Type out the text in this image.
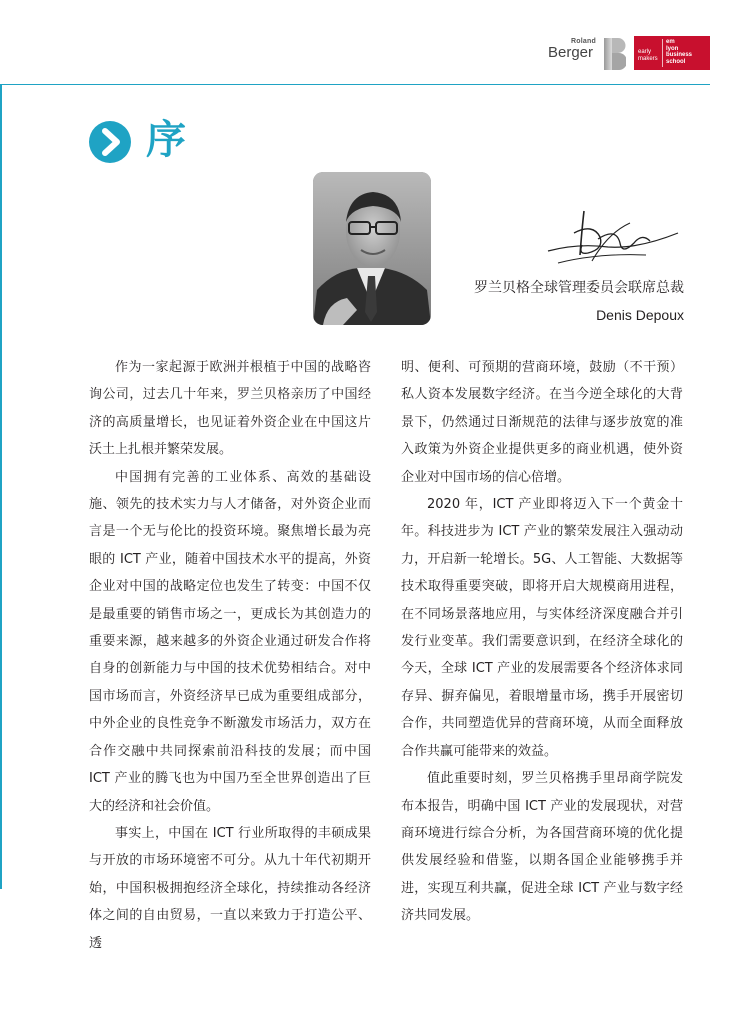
Roland
Berger	early
makers
em
lyon
business
school
序
罗兰贝格全球管理委员会联席总裁
Denis Depoux

作为一家起源于欧洲并根植于中国的战略咨询公司，过去几十年来，罗兰贝格亲历了中国经济的高质量增长，也见证着外资企业在中国这片沃土上扎根并繁荣发展。

中国拥有完善的工业体系、高效的基础设施、领先的技术实力与人才储备，对外资企业而言是一个无与伦比的投资环境。聚焦增长最为亮眼的 ICT 产业，随着中国技术水平的提高，外资企业对中国的战略定位也发生了转变：中国不仅是最重要的销售市场之一，更成长为其创造力的重要来源，越来越多的外资企业通过研发合作将自身的创新能力与中国的技术优势相结合。对中国市场而言，外资经济早已成为重要组成部分，中外企业的良性竞争不断激发市场活力，双方在合作交融中共同探索前沿科技的发展；而中国 ICT 产业的腾飞也为中国乃至全世界创造出了巨大的经济和社会价值。

事实上，中国在 ICT 行业所取得的丰硕成果与开放的市场环境密不可分。从九十年代初期开始，中国积极拥抱经济全球化，持续推动各经济体之间的自由贸易，一直以来致力于打造公平、透

明、便利、可预期的营商环境，鼓励（不干预）私人资本发展数字经济。在当今逆全球化的大背景下，仍然通过日渐规范的法律与逐步放宽的准入政策为外资企业提供更多的商业机遇，使外资企业对中国市场的信心倍增。

2020 年，ICT 产业即将迈入下一个黄金十年。科技进步为 ICT 产业的繁荣发展注入强动动力，开启新一轮增长。5G、人工智能、大数据等技术取得重要突破，即将开启大规模商用进程，在不同场景落地应用，与实体经济深度融合并引发行业变革。我们需要意识到，在经济全球化的今天，全球 ICT 产业的发展需要各个经济体求同存异、摒弃偏见，着眼增量市场，携手开展密切合作，共同塑造优异的营商环境，从而全面释放合作共赢可能带来的效益。

值此重要时刻，罗兰贝格携手里昂商学院发布本报告，明确中国 ICT 产业的发展现状，对营商环境进行综合分析，为各国营商环境的优化提供发展经验和借鉴，以期各国企业能够携手并进，实现互利共赢，促进全球 ICT 产业与数字经济共同发展。
